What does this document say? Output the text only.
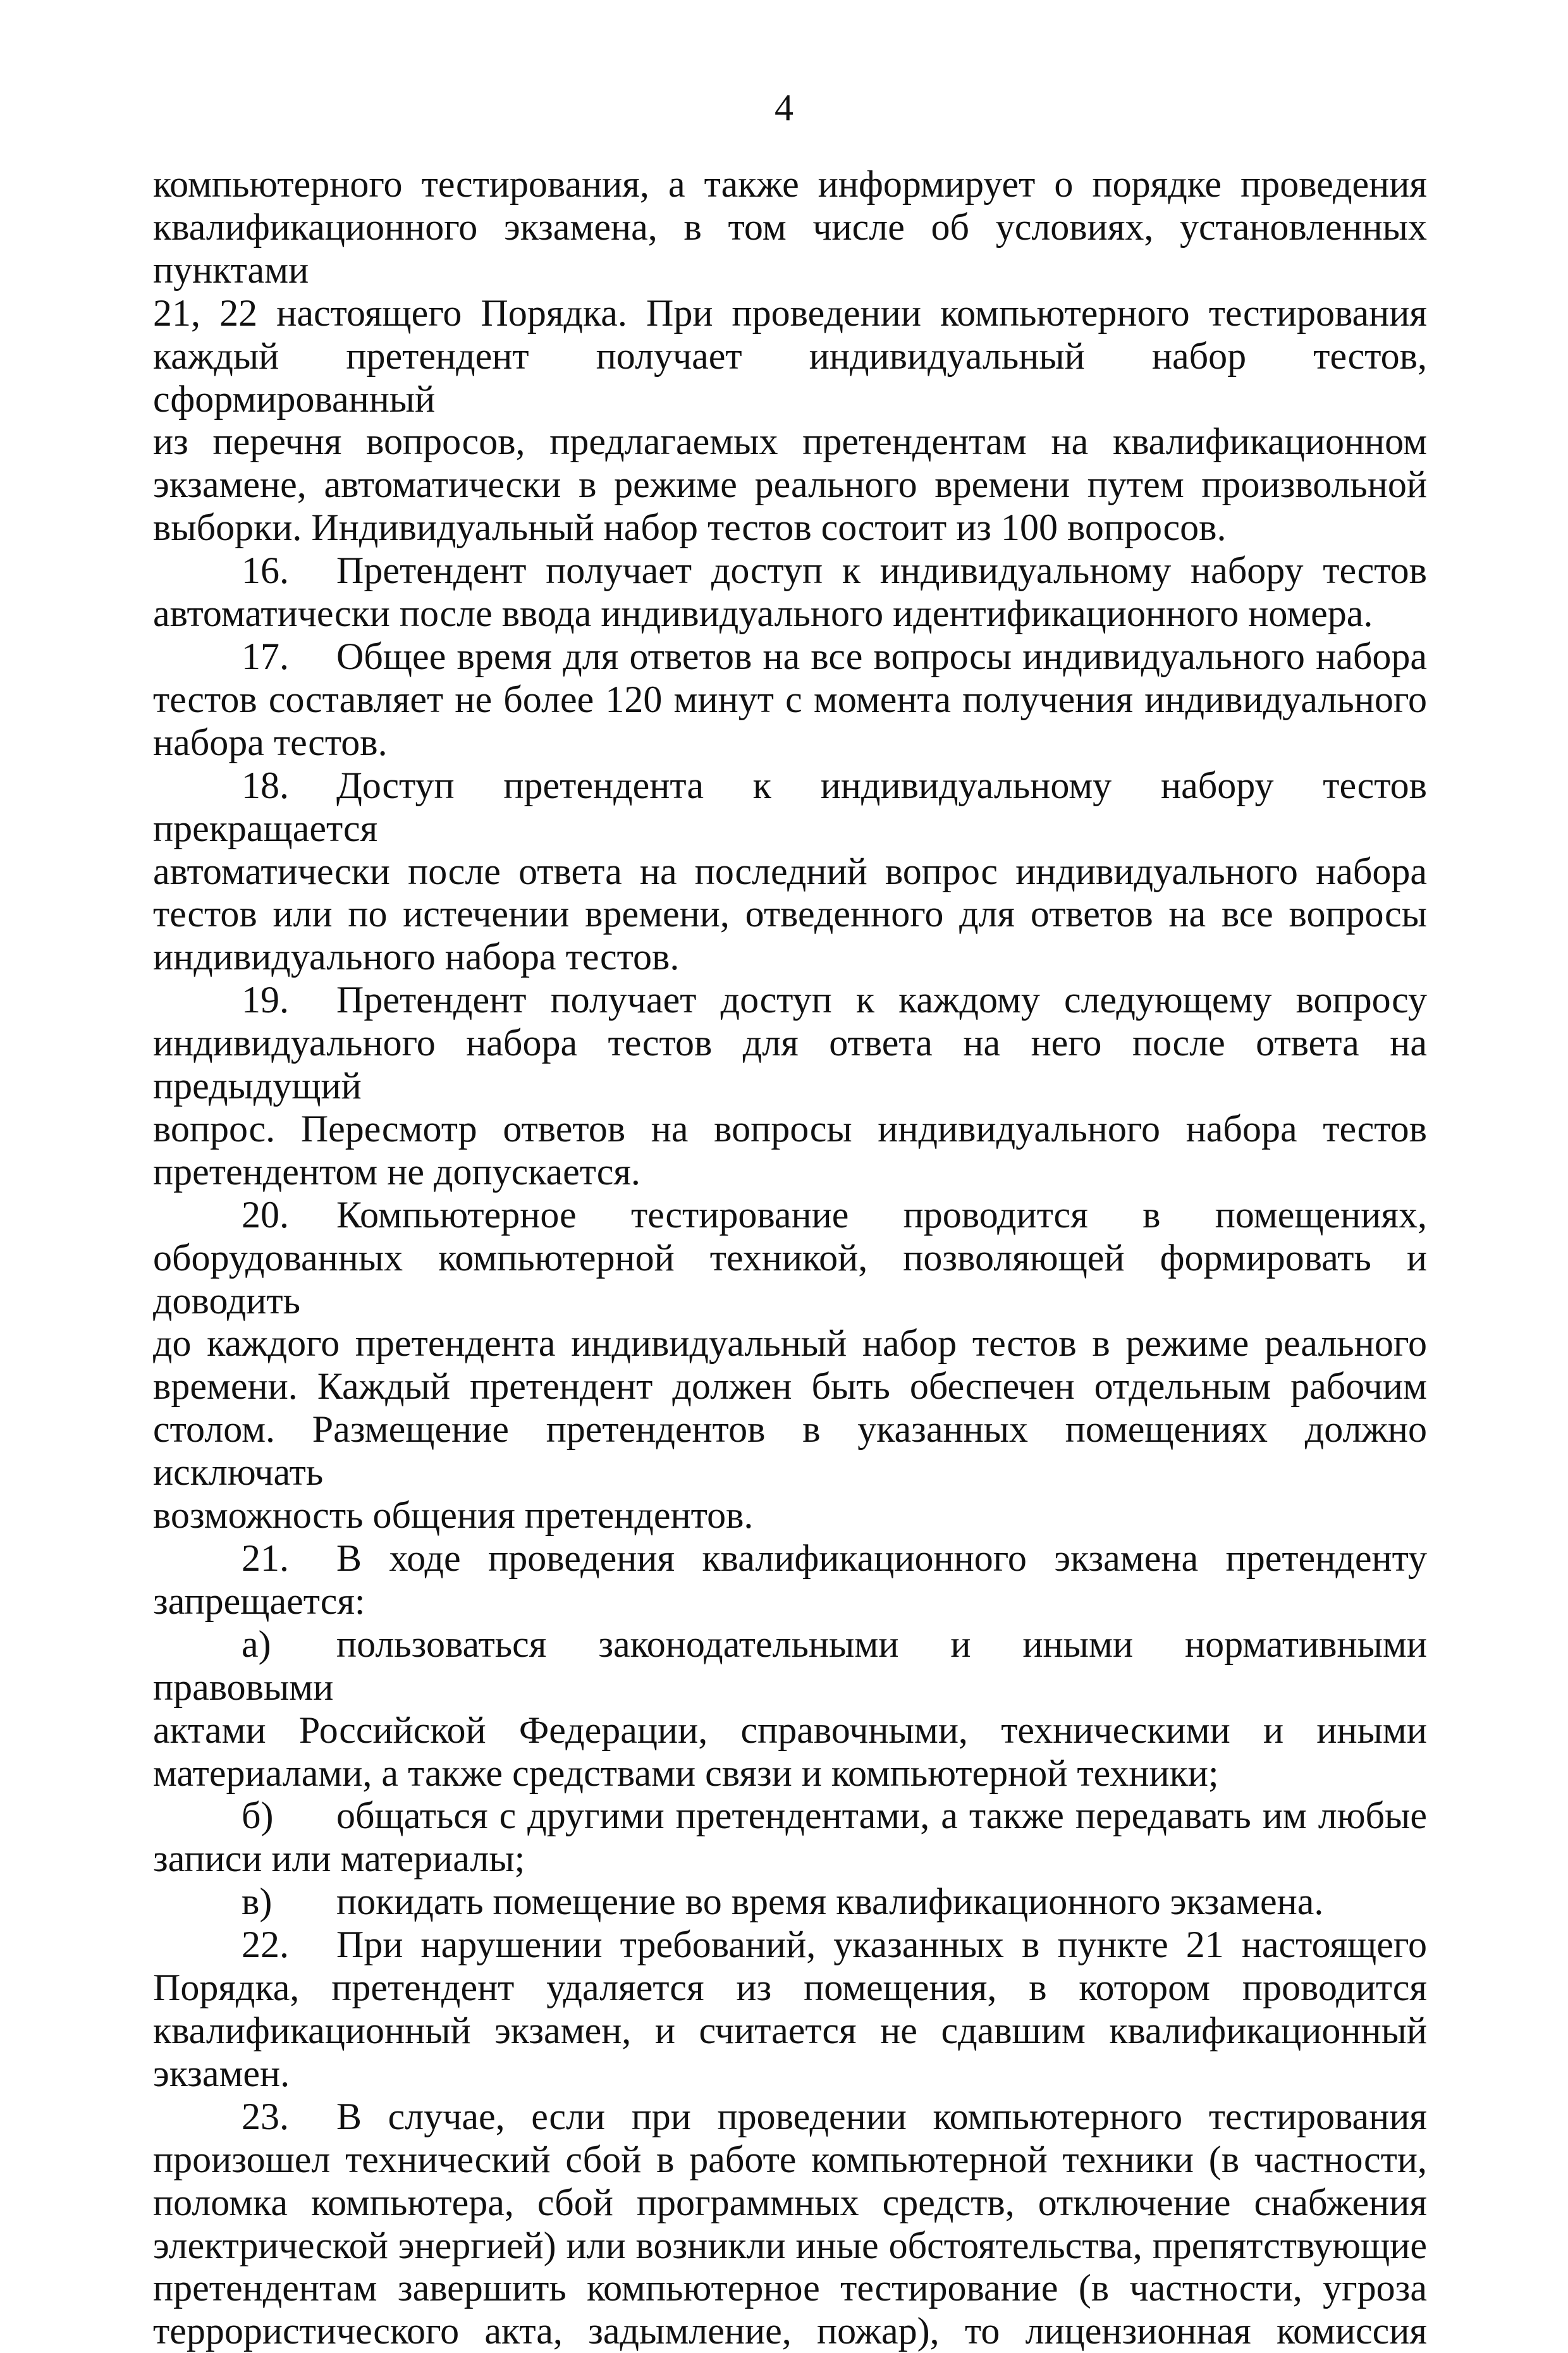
4
компьютерного тестирования, а также информирует о порядке проведения
квалификационного экзамена, в том числе об условиях, установленных пунктами
21, 22 настоящего Порядка. При проведении компьютерного тестирования
каждый претендент получает индивидуальный набор тестов, сформированный
из перечня вопросов, предлагаемых претендентам на квалификационном
экзамене, автоматически в режиме реального времени путем произвольной
выборки. Индивидуальный набор тестов состоит из 100 вопросов.
16. Претендент получает доступ к индивидуальному набору тестов
автоматически после ввода индивидуального идентификационного номера.
17. Общее время для ответов на все вопросы индивидуального набора
тестов составляет не более 120 минут с момента получения индивидуального
набора тестов.
18. Доступ претендента к индивидуальному набору тестов прекращается
автоматически после ответа на последний вопрос индивидуального набора
тестов или по истечении времени, отведенного для ответов на все вопросы
индивидуального набора тестов.
19. Претендент получает доступ к каждому следующему вопросу
индивидуального набора тестов для ответа на него после ответа на предыдущий
вопрос. Пересмотр ответов на вопросы индивидуального набора тестов
претендентом не допускается.
20. Компьютерное тестирование проводится в помещениях,
оборудованных компьютерной техникой, позволяющей формировать и доводить
до каждого претендента индивидуальный набор тестов в режиме реального
времени. Каждый претендент должен быть обеспечен отдельным рабочим
столом. Размещение претендентов в указанных помещениях должно исключать
возможность общения претендентов.
21. В ходе проведения квалификационного экзамена претенденту
запрещается:
а) пользоваться законодательными и иными нормативными правовыми
актами Российской Федерации, справочными, техническими и иными
материалами, а также средствами связи и компьютерной техники;
б) общаться с другими претендентами, а также передавать им любые
записи или материалы;
в) покидать помещение во время квалификационного экзамена.
22. При нарушении требований, указанных в пункте 21 настоящего
Порядка, претендент удаляется из помещения, в котором проводится
квалификационный экзамен, и считается не сдавшим квалификационный
экзамен.
23. В случае, если при проведении компьютерного тестирования
произошел технический сбой в работе компьютерной техники (в частности,
поломка компьютера, сбой программных средств, отключение снабжения
электрической энергией) или возникли иные обстоятельства, препятствующие
претендентам завершить компьютерное тестирование (в частности, угроза
террористического акта, задымление, пожар), то лицензионная комиссия
